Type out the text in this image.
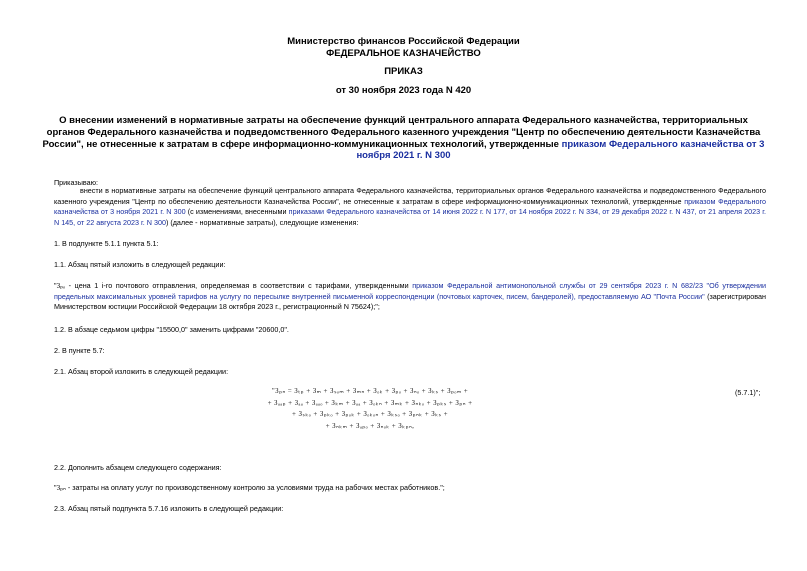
Министерство финансов Российской Федерации
ФЕДЕРАЛЬНОЕ КАЗНАЧЕЙСТВО
ПРИКАЗ
от 30 ноября 2023 года N 420
О внесении изменений в нормативные затраты на обеспечение функций центрального аппарата Федерального казначейства, территориальных органов Федерального казначейства и подведомственного Федерального казенного учреждения "Центр по обеспечению деятельности Казначейства России", не отнесенные к затратам в сфере информационно-коммуникационных технологий, утвержденные приказом Федерального казначейства от 3 ноября 2021 г. N 300
Приказываю:
внести в нормативные затраты на обеспечение функций центрального аппарата Федерального казначейства, территориальных органов Федерального казначейства и подведомственного Федерального казенного учреждения "Центр по обеспечению деятельности Казначейства России", не отнесенные к затратам в сфере информационно-коммуникационных технологий, утвержденные приказом Федерального казначейства от 3 ноября 2021 г. N 300 (с изменениями, внесенными приказами Федерального казначейства от 14 июня 2022 г. N 177, от 14 ноября 2022 г. N 334, от 29 декабря 2022 г. N 437, от 21 апреля 2023 г. N 145, от 22 августа 2023 г. N 300) (далее - нормативные затраты), следующие изменения:
1. В подпункте 5.1.1 пункта 5.1:
1.1. Абзац пятый изложить в следующей редакции:
"Зₚₒ - цена 1 i-го почтового отправления, определяемая в соответствии с тарифами, утвержденными приказом Федеральной антимонопольной службы от 29 сентября 2023 г. N 682/23 "Об утверждении предельных максимальных уровней тарифов на услугу по пересылке внутренней письменной корреспонденции (почтовых карточек, писем, бандеролей), предоставляемую АО "Почта России" (зарегистрирован Министерством юстиции Российской Федерации 18 октября 2023 г., регистрационный N 75624);";
1.2. В абзаце седьмом цифры "15500,0" заменить цифрами "20600,0".
2. В пункте 5.7:
2.1. Абзац второй изложить в следующей редакции:
"Зₚₙ = Зₜₚ + Зₘ + Зₛₒₘ + Зₘₙ + Зₒₖ + Зₚₒ + Зₙₒ + Зₖₛ + Зₚₒₘ +
+ Зₐₐₚ + Зₐₐ + Зₐₐₒ + Зₖₘ + Зₐₐ + Зₒₖₙ + Зₘₖ + Зₙₖₒ + Зₚₖₛ + Зₚₙ +
+ Зₛₖₒ + Зₚₖₒ + Зₚₒₖ + Зₒₖₒₙ + Зₖₛₒ + Зₚₙₖ + Зₖₛ +
+ Зₙₖₘ + Зₐₚₒ + Зₙₒₖ + Зₖₚₙ,
(5.7.1)";
2.2. Дополнить абзацем следующего содержания:
"Зₚₙ - затраты на оплату услуг по производственному контролю за условиями труда на рабочих местах работников.";
2.3. Абзац пятый подпункта 5.7.16 изложить в следующей редакции:
